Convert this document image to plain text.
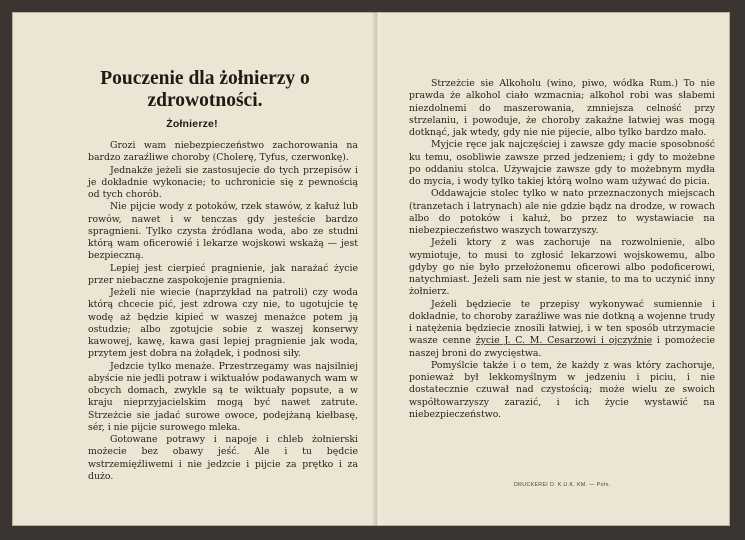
Pouczenie dla żołnierzy o zdrowotności.
Żołnierze!

Grozi wam niebezpieczeństwo zachorowania na bardzo zaraźliwe choroby (Cholerę, Tyfus, czerwonkę).

Jednakże jeżeli sie zastosujecie do tych przepisów i je dokładnie wykonacie; to uchronicie się z pewnością od tych chorób.

Nie pijcie wody z potoków, rzek stawów, z kałuż lub rowów, nawet i w tenczas gdy jesteście bardzo spragnieni. Tylko czysta źródlana woda, abo ze studni którą wam oficerowié i lekarze wojskowi wskażą — jest bezpieczną.

Lepiej jest cierpieć pragnienie, jak narażać życie przer niebaczne zaspokojenie pragnienia.

Jeżeli nie wiecie (naprzykład na patroli) czy woda którą chcecie pić, jest zdrowa czy nie, to ugotujcie tę wodę aż będzie kipieć w waszej menażce potem ją ostudzie; albo zgotujcie sobie z waszej konserwy kawowej, kawę, kawa gasi lepiej pragnienie jak woda, przytem jest dobra na żołądek, i podnosi siły.

Jedzcie tylko menaże. Przestrzegamy was najsilniej abyście nie jedli potraw i wiktuałów podawanych wam w obcych domach, zwykle są te wiktuały popsute, a w kraju nieprzyjacielskim mogą być nawet zatrute. Strzeżcie sie jadać surowe owoce, podejżaną kiełbasę, sér, i nie pijcie surowego mleka.

Gotowane potrawy i napoje i chleb żołnierski możecie bez obawy jeść. Ale i tu będcie wstrzemięźliwemi i nie jedzcie i pijcie za prętko i za dużo.

Strzeżcie sie Alkoholu (wino, piwo, wódka Rum.) To nie prawda że alkohol ciało wzmacnia; alkohol robi was słabemi niezdolnemi do maszerowania, zmniejsza celność przy strzelaniu, i powoduje, że choroby zakaźne łatwiej was mogą dotknąć, jak wtedy, gdy nie nie pijecie, albo tylko bardzo mało.

Myjcie ręce jak najczęściej i zawsze gdy macie sposobność ku temu, osobliwie zawsze przed jedzeniem; i gdy to możebne po oddaniu stolca. Używajcie zawsze gdy to możebnym mydła do mycia, i wody tylko takiej którą wolno wam używać do picia.

Oddawajcie stolec tylko w nato przeznaczonych miejscach (tranzetach i latrynach) ale nie gdzie bądz na drodze, w rowach albo do potoków i kałuż, bo przez to wystawiacie na niebezpieczeństwo waszych towarzyszy.

Jeżeli ktory z was zachoruje na rozwolnienie, albo wymiotuje, to musi to zgłosić lekarzowi wojskowemu, albo gdyby go nie było przełożonemu oficerowi albo podoficerowi, natychmiast. Jeżeli sam nie jest w stanie, to ma to uczynić inny żołnierz.

Jeżeli będziecie te przepisy wykonywać sumiennie i dokładnie, to choroby zaraźliwe was nie dotkną a wojenne trudy i natężenia będziecie znosili łatwiej, i w ten sposób utrzymacie wasze cenne życie J. C. M. Cesarzowi i ojczyźnie i pomożecie naszej broni do zwycięstwa.

Pomyślcie także i o tem, że każdy z was który zachoruje, ponieważ był lekkomyślnym w jedzeniu i piciu, i nie dostatecznie czuwał nad czystością; może wielu ze swoich współtowarzyszy zarazić, i ich życie wystawić na niebezpieczeństwo.

DRUCKEREI D. K.U.K. KM. — Poln.
